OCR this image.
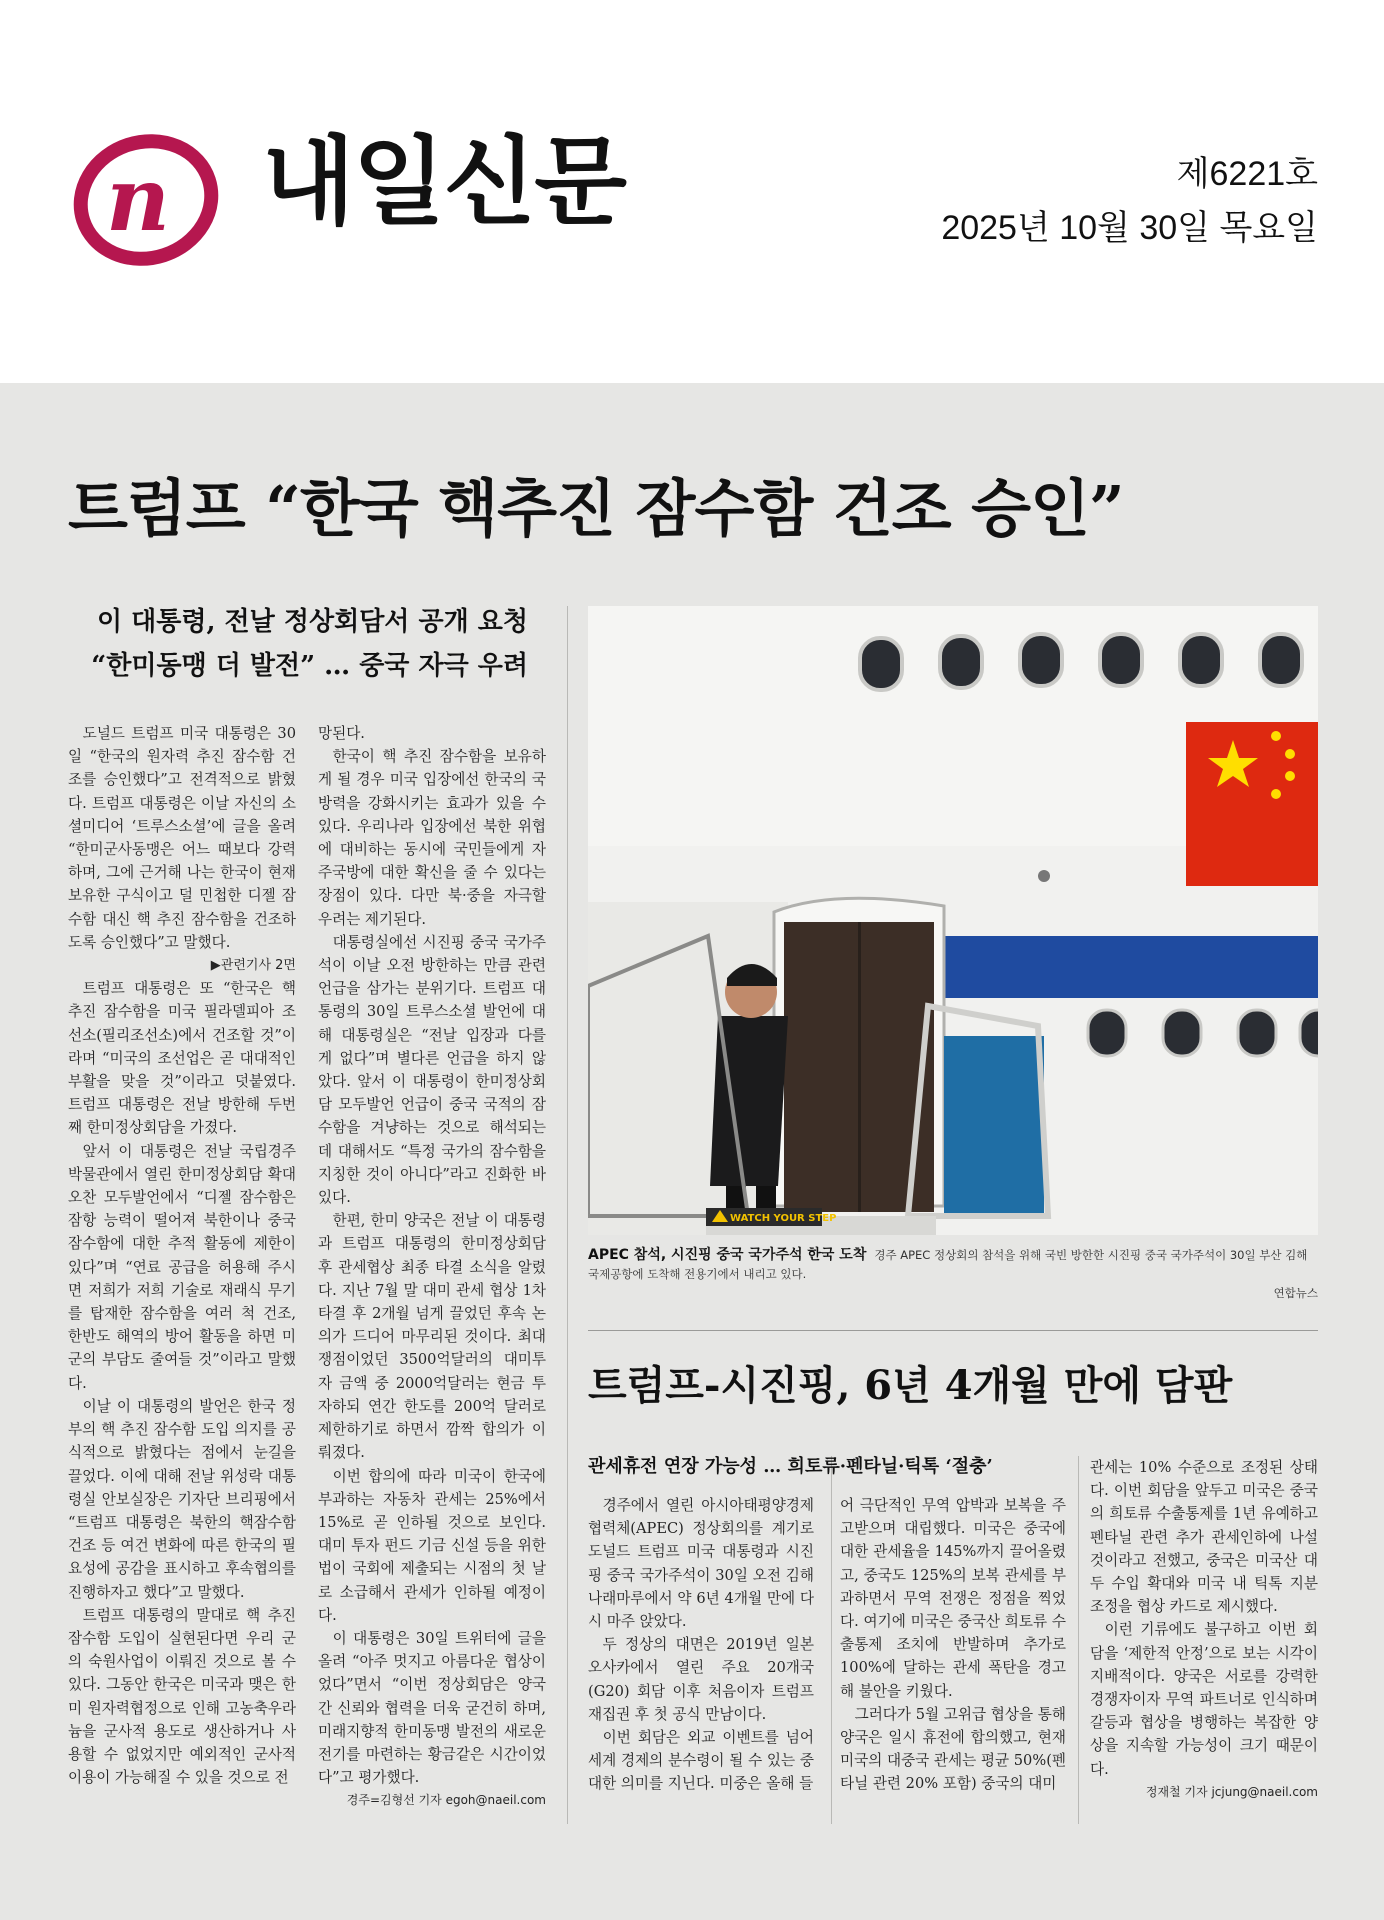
n 내일신문	제6221호
2025년 10월 30일 목요일
트럼프 “한국 핵추진 잠수함 건조 승인”
이 대통령, 전날 정상회담서 공개 요청
“한미동맹 더 발전” … 중국 자극 우려

도널드 트럼프 미국 대통령은 30일 “한국의 원자력 추진 잠수함 건조를 승인했다”고 전격적으로 밝혔다. 트럼프 대통령은 이날 자신의 소셜미디어 ‘트루스소셜’에 글을 올려 “한미군사동맹은 어느 때보다 강력하며, 그에 근거해 나는 한국이 현재 보유한 구식이고 덜 민첩한 디젤 잠수함 대신 핵 추진 잠수함을 건조하도록 승인했다”고 말했다.

▶관련기사 2면

트럼프 대통령은 또 “한국은 핵 추진 잠수함을 미국 필라델피아 조선소(필리조선소)에서 건조할 것”이라며 “미국의 조선업은 곧 대대적인 부활을 맞을 것”이라고 덧붙였다. 트럼프 대통령은 전날 방한해 두번째 한미정상회담을 가졌다.

앞서 이 대통령은 전날 국립경주박물관에서 열린 한미정상회담 확대오찬 모두발언에서 “디젤 잠수함은 잠항 능력이 떨어져 북한이나 중국 잠수함에 대한 추적 활동에 제한이 있다”며 “연료 공급을 허용해 주시면 저희가 저희 기술로 재래식 무기를 탑재한 잠수함을 여러 척 건조, 한반도 해역의 방어 활동을 하면 미군의 부담도 줄여들 것”이라고 말했다.

이날 이 대통령의 발언은 한국 정부의 핵 추진 잠수함 도입 의지를 공식적으로 밝혔다는 점에서 눈길을 끌었다. 이에 대해 전날 위성락 대통령실 안보실장은 기자단 브리핑에서 “트럼프 대통령은 북한의 핵잠수함 건조 등 여건 변화에 따른 한국의 필요성에 공감을 표시하고 후속협의를 진행하자고 했다”고 말했다.

트럼프 대통령의 말대로 핵 추진 잠수함 도입이 실현된다면 우리 군의 숙원사업이 이뤄진 것으로 볼 수 있다. 그동안 한국은 미국과 맺은 한미 원자력협정으로 인해 고농축우라늄을 군사적 용도로 생산하거나 사용할 수 없었지만 예외적인 군사적 이용이 가능해질 수 있을 것으로 전

망된다.

한국이 핵 추진 잠수함을 보유하게 될 경우 미국 입장에선 한국의 국방력을 강화시키는 효과가 있을 수 있다. 우리나라 입장에선 북한 위협에 대비하는 동시에 국민들에게 자주국방에 대한 확신을 줄 수 있다는 장점이 있다. 다만 북·중을 자극할 우려는 제기된다.

대통령실에선 시진핑 중국 국가주석이 이날 오전 방한하는 만큼 관련 언급을 삼가는 분위기다. 트럼프 대통령의 30일 트루스소셜 발언에 대해 대통령실은 “전날 입장과 다를 게 없다”며 별다른 언급을 하지 않았다. 앞서 이 대통령이 한미정상회담 모두발언 언급이 중국 국적의 잠수함을 겨냥하는 것으로 해석되는 데 대해서도 “특정 국가의 잠수함을 지칭한 것이 아니다”라고 진화한 바 있다.

한편, 한미 양국은 전날 이 대통령과 트럼프 대통령의 한미정상회담 후 관세협상 최종 타결 소식을 알렸다. 지난 7월 말 대미 관세 협상 1차 타결 후 2개월 넘게 끌었던 후속 논의가 드디어 마무리된 것이다. 최대 쟁점이었던 3500억달러의 대미투자 금액 중 2000억달러는 현금 투자하되 연간 한도를 200억 달러로 제한하기로 하면서 깜짝 합의가 이뤄졌다.

이번 합의에 따라 미국이 한국에 부과하는 자동차 관세는 25%에서 15%로 곧 인하될 것으로 보인다. 대미 투자 펀드 기금 신설 등을 위한 법이 국회에 제출되는 시점의 첫 날로 소급해서 관세가 인하될 예정이다.

이 대통령은 30일 트위터에 글을 올려 “아주 멋지고 아름다운 협상이었다”면서 “이번 정상회담은 양국 간 신뢰와 협력을 더욱 굳건히 하며, 미래지향적 한미동맹 발전의 새로운 전기를 마련하는 황금같은 시간이었다”고 평가했다.

경주=김형선 기자 egoh@naeil.com

WATCH YOUR STEP
APEC 참석, 시진핑 중국 국가주석 한국 도착 경주 APEC 정상회의 참석을 위해 국빈 방한한 시진핑 중국 국가주석이 30일 부산 김해국제공항에 도착해 전용기에서 내리고 있다.
연합뉴스
트럼프-시진핑, 6년 4개월 만에 담판
관세휴전 연장 가능성 … 희토류·펜타닐·틱톡 ‘절충’

경주에서 열린 아시아태평양경제협력체(APEC) 정상회의를 계기로 도널드 트럼프 미국 대통령과 시진핑 중국 국가주석이 30일 오전 김해 나래마루에서 약 6년 4개월 만에 다시 마주 앉았다.

두 정상의 대면은 2019년 일본 오사카에서 열린 주요 20개국(G20) 회담 이후 처음이자 트럼프 재집권 후 첫 공식 만남이다.

이번 회담은 외교 이벤트를 넘어 세계 경제의 분수령이 될 수 있는 중대한 의미를 지닌다. 미중은 올해 들

어 극단적인 무역 압박과 보복을 주고받으며 대립했다. 미국은 중국에 대한 관세율을 145%까지 끌어올렸고, 중국도 125%의 보복 관세를 부과하면서 무역 전쟁은 정점을 찍었다. 여기에 미국은 중국산 희토류 수출통제 조치에 반발하며 추가로 100%에 달하는 관세 폭탄을 경고해 불안을 키웠다.

그러다가 5월 고위급 협상을 통해 양국은 일시 휴전에 합의했고, 현재 미국의 대중국 관세는 평균 50%(펜타닐 관련 20% 포함) 중국의 대미

관세는 10% 수준으로 조정된 상태다. 이번 회담을 앞두고 미국은 중국의 희토류 수출통제를 1년 유예하고 펜타닐 관련 추가 관세인하에 나설 것이라고 전했고, 중국은 미국산 대두 수입 확대와 미국 내 틱톡 지분 조정을 협상 카드로 제시했다.

이런 기류에도 불구하고 이번 회담을 ‘제한적 안정’으로 보는 시각이 지배적이다. 양국은 서로를 강력한 경쟁자이자 무역 파트너로 인식하며 갈등과 협상을 병행하는 복잡한 양상을 지속할 가능성이 크기 때문이다.

정재철 기자 jcjung@naeil.com
